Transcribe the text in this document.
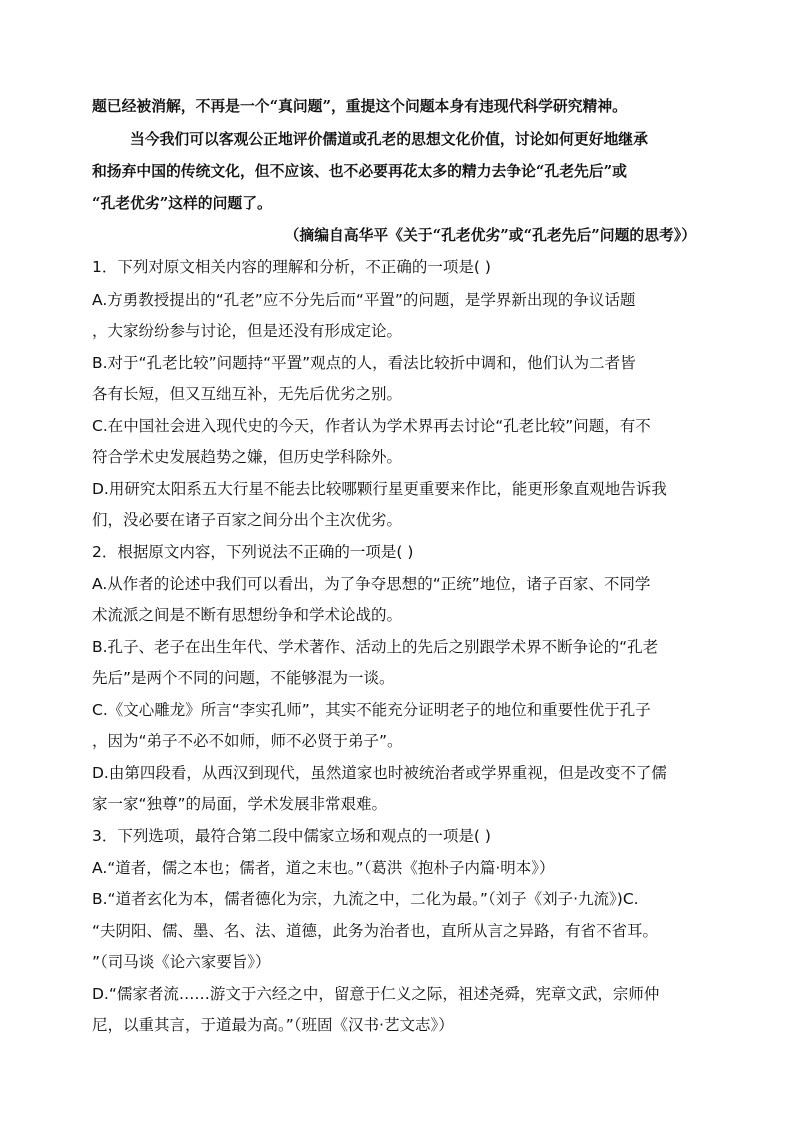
题已经被消解，不再是一个“真问题”，重提这个问题本身有违现代科学研究精神。
当今我们可以客观公正地评价儒道或孔老的思想文化价值，讨论如何更好地继承
和扬弃中国的传统文化，但不应该、也不必要再花太多的精力去争论“孔老先后”或
“孔老优劣”这样的问题了。
（摘编自高华平《关于“孔老优劣”或“孔老先后”问题的思考》）
1．下列对原文相关内容的理解和分析，不正确的一项是( )
A.方勇教授提出的“孔老”应不分先后而“平置”的问题，是学界新出现的争议话题
，大家纷纷参与讨论，但是还没有形成定论。
B.对于“孔老比较”问题持“平置”观点的人，看法比较折中调和，他们认为二者皆
各有长短，但又互绌互补，无先后优劣之别。
C.在中国社会进入现代史的今天，作者认为学术界再去讨论“孔老比较”问题，有不
符合学术史发展趋势之嫌，但历史学科除外。
D.用研究太阳系五大行星不能去比较哪颗行星更重要来作比，能更形象直观地告诉我
们，没必要在诸子百家之间分出个主次优劣。
2．根据原文内容，下列说法不正确的一项是( )
A.从作者的论述中我们可以看出，为了争夺思想的“正统”地位，诸子百家、不同学
术流派之间是不断有思想纷争和学术论战的。
B.孔子、老子在出生年代、学术著作、活动上的先后之别跟学术界不断争论的“孔老
先后”是两个不同的问题，不能够混为一谈。
C.《文心雕龙》所言“李实孔师”，其实不能充分证明老子的地位和重要性优于孔子
，因为“弟子不必不如师，师不必贤于弟子”。
D.由第四段看，从西汉到现代，虽然道家也时被统治者或学界重视，但是改变不了儒
家一家“独尊”的局面，学术发展非常艰难。
3．下列选项，最符合第二段中儒家立场和观点的一项是( )
A.“道者，儒之本也；儒者，道之末也。”（葛洪《抱朴子内篇·明本》）
B.“道者玄化为本，儒者德化为宗，九流之中，二化为最。”（刘子《刘子·九流》)C.
“夫阴阳、儒、墨、名、法、道德，此务为治者也，直所从言之异路，有省不省耳。
”（司马谈《论六家要旨》）
D.“儒家者流……游文于六经之中，留意于仁义之际，祖述尧舜，宪章文武，宗师仲
尼，以重其言，于道最为高。”（班固《汉书·艺文志》）
